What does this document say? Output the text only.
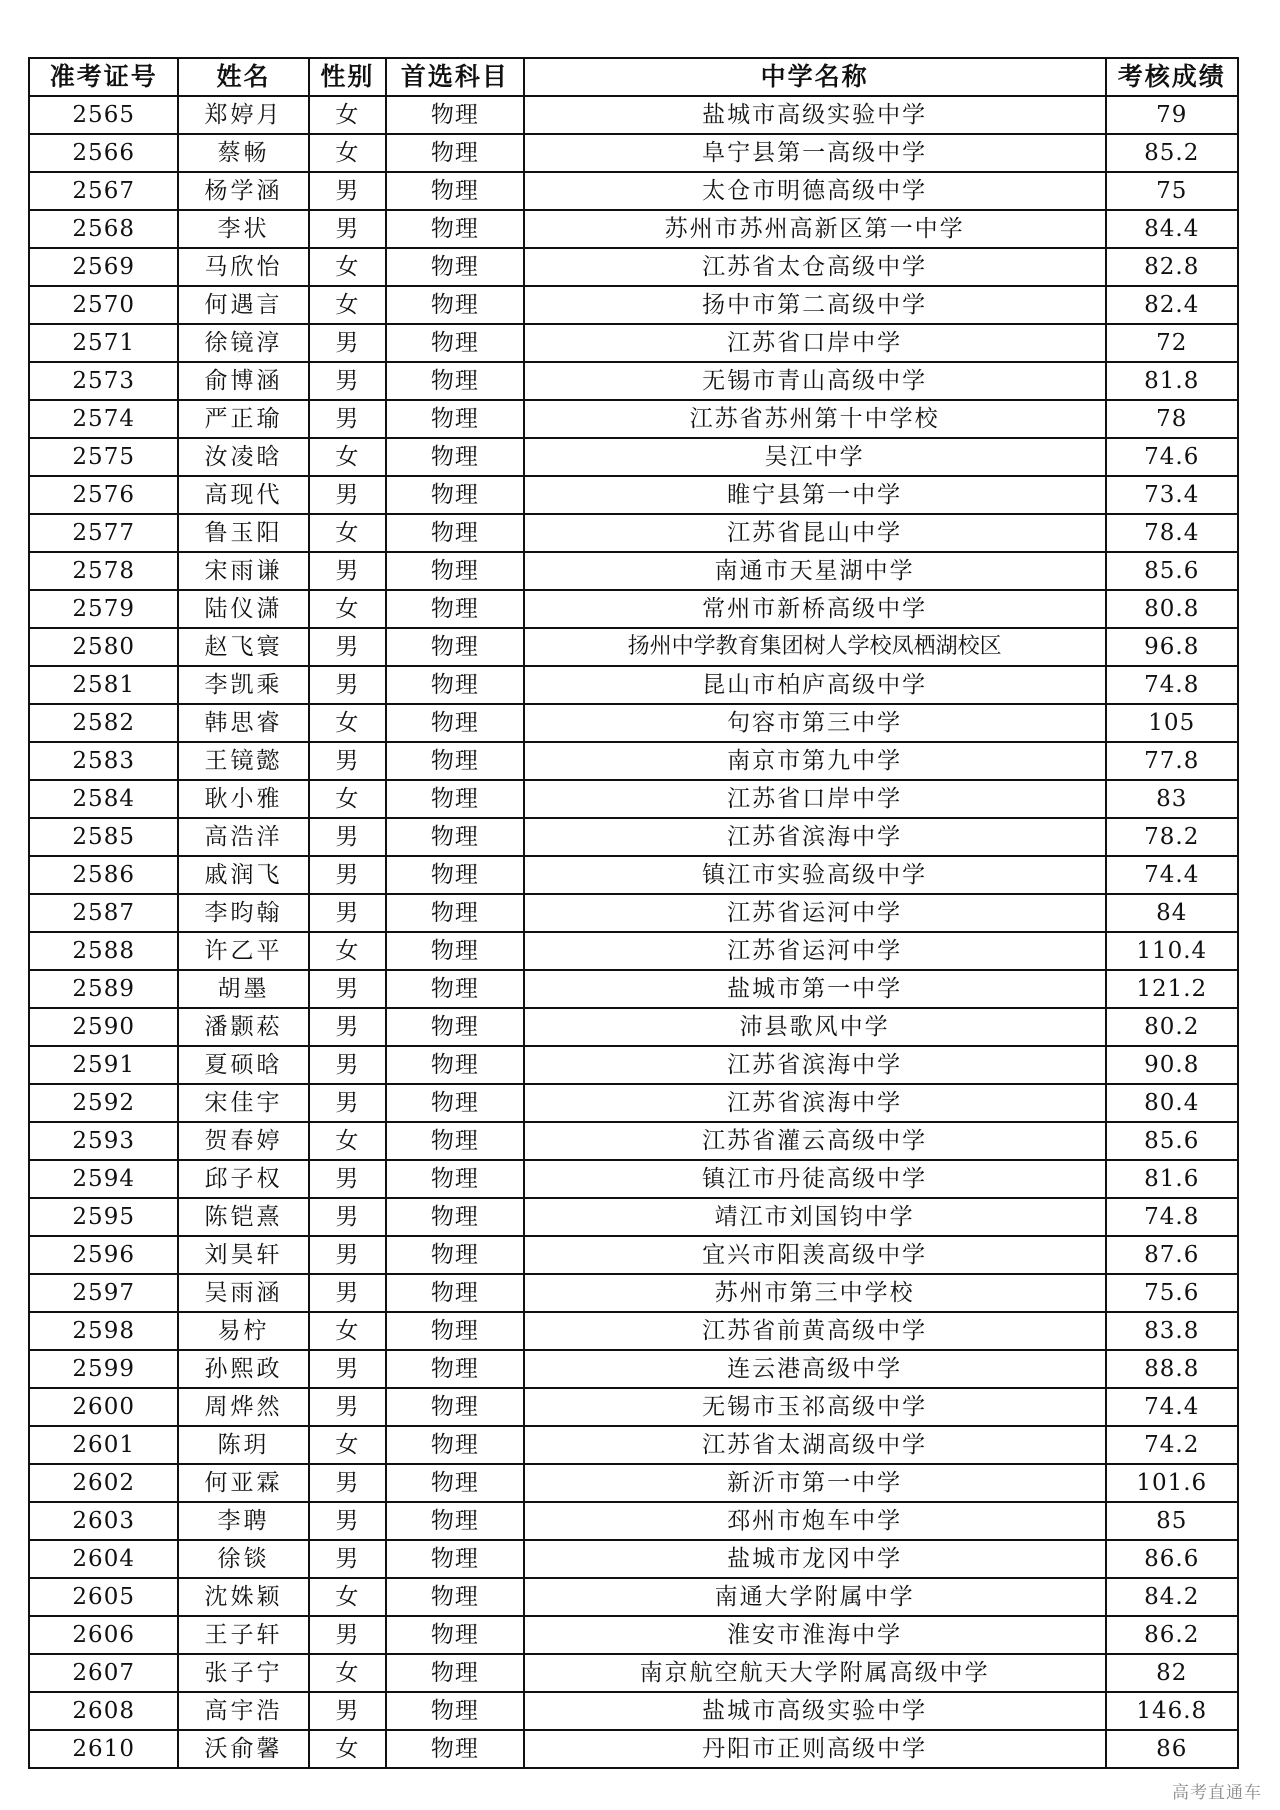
准考证号	姓名	性别	首选科目	中学名称	考核成绩
2565	郑婷月	女	物理	盐城市高级实验中学	79
2566	蔡畅	女	物理	阜宁县第一高级中学	85.2
2567	杨学涵	男	物理	太仓市明德高级中学	75
2568	李状	男	物理	苏州市苏州高新区第一中学	84.4
2569	马欣怡	女	物理	江苏省太仓高级中学	82.8
2570	何遇言	女	物理	扬中市第二高级中学	82.4
2571	徐镜淳	男	物理	江苏省口岸中学	72
2573	俞博涵	男	物理	无锡市青山高级中学	81.8
2574	严正瑜	男	物理	江苏省苏州第十中学校	78
2575	汝凌晗	女	物理	吴江中学	74.6
2576	高现代	男	物理	睢宁县第一中学	73.4
2577	鲁玉阳	女	物理	江苏省昆山中学	78.4
2578	宋雨谦	男	物理	南通市天星湖中学	85.6
2579	陆仪潇	女	物理	常州市新桥高级中学	80.8
2580	赵飞寰	男	物理	扬州中学教育集团树人学校凤栖湖校区	96.8
2581	李凯乘	男	物理	昆山市柏庐高级中学	74.8
2582	韩思睿	女	物理	句容市第三中学	105
2583	王镜懿	男	物理	南京市第九中学	77.8
2584	耿小雅	女	物理	江苏省口岸中学	83
2585	高浩洋	男	物理	江苏省滨海中学	78.2
2586	戚润飞	男	物理	镇江市实验高级中学	74.4
2587	李昀翰	男	物理	江苏省运河中学	84
2588	许乙平	女	物理	江苏省运河中学	110.4
2589	胡墨	男	物理	盐城市第一中学	121.2
2590	潘颢菘	男	物理	沛县歌风中学	80.2
2591	夏硕晗	男	物理	江苏省滨海中学	90.8
2592	宋佳宇	男	物理	江苏省滨海中学	80.4
2593	贺春婷	女	物理	江苏省灌云高级中学	85.6
2594	邱子权	男	物理	镇江市丹徒高级中学	81.6
2595	陈铠熹	男	物理	靖江市刘国钧中学	74.8
2596	刘昊轩	男	物理	宜兴市阳羡高级中学	87.6
2597	吴雨涵	男	物理	苏州市第三中学校	75.6
2598	易柠	女	物理	江苏省前黄高级中学	83.8
2599	孙熙政	男	物理	连云港高级中学	88.8
2600	周烨然	男	物理	无锡市玉祁高级中学	74.4
2601	陈玥	女	物理	江苏省太湖高级中学	74.2
2602	何亚霖	男	物理	新沂市第一中学	101.6
2603	李聘	男	物理	邳州市炮车中学	85
2604	徐锬	男	物理	盐城市龙冈中学	86.6
2605	沈姝颖	女	物理	南通大学附属中学	84.2
2606	王子轩	男	物理	淮安市淮海中学	86.2
2607	张子宁	女	物理	南京航空航天大学附属高级中学	82
2608	高宇浩	男	物理	盐城市高级实验中学	146.8
2610	沃俞馨	女	物理	丹阳市正则高级中学	86
高考直通车
